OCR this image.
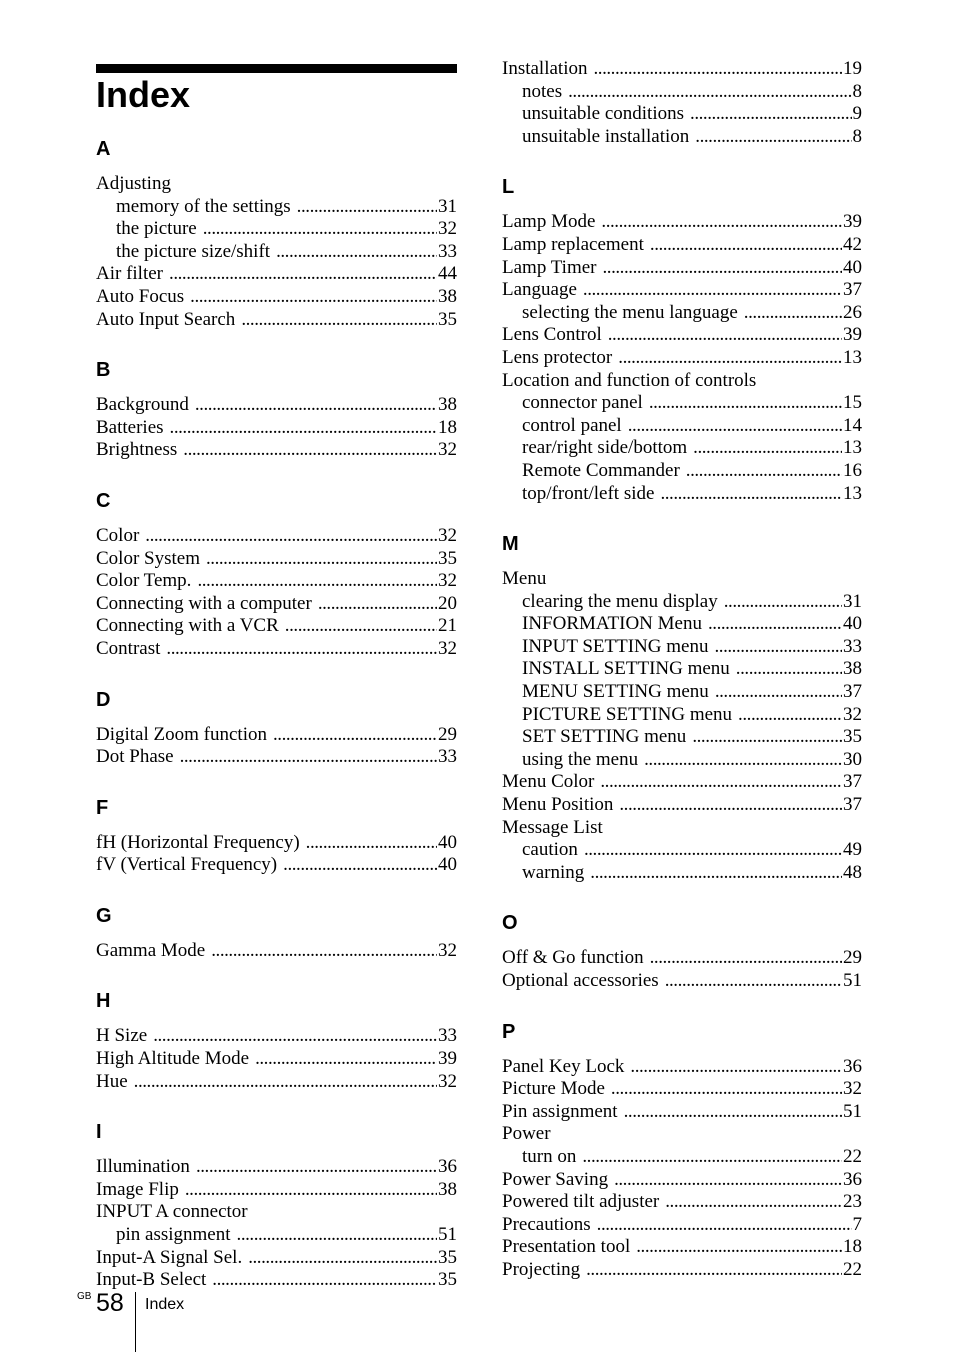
Index
A
Adjusting
memory of the settings . . .	31
the picture . . .	32
the picture size/shift . . .	33
Air filter . . .	44
Auto Focus . . .	38
Auto Input Search . . .	35
B
Background . . .	38
Batteries . . .	18
Brightness . . .	32
C
Color . . .	32
Color System . . .	35
Color Temp. . . .	32
Connecting with a computer . . .	20
Connecting with a VCR . . .	21
Contrast . . .	32
D
Digital Zoom function . . .	29
Dot Phase . . .	33
F
fH (Horizontal Frequency) . . .	40
fV (Vertical Frequency) . . .	40
G
Gamma Mode . . .	32
H
H Size . . .	33
High Altitude Mode . . .	39
Hue . . .	32
I
Illumination . . .	36
Image Flip . . .	38
INPUT A connector
pin assignment . . .	51
Input-A Signal Sel. . . .	35
Input-B Select . . .	35
Installation . . .	19
notes . . .	8
unsuitable conditions . . .	9
unsuitable installation . . .	8
L
Lamp Mode . . .	39
Lamp replacement . . .	42
Lamp Timer . . .	40
Language . . .	37
selecting the menu language . . .	26
Lens Control . . .	39
Lens protector . . .	13
Location and function of controls
connector panel . . .	15
control panel . . .	14
rear/right side/bottom . . .	13
Remote Commander . . .	16
top/front/left side . . .	13
M
Menu
clearing the menu display . . .	31
INFORMATION Menu . . .	40
INPUT SETTING menu . . .	33
INSTALL SETTING menu . . .	38
MENU SETTING menu . . .	37
PICTURE SETTING menu . . .	32
SET SETTING menu . . .	35
using the menu . . .	30
Menu Color . . .	37
Menu Position . . .	37
Message List
caution . . .	49
warning . . .	48
O
Off & Go function . . .	29
Optional accessories . . .	51
P
Panel Key Lock . . .	36
Picture Mode . . .	32
Pin assignment . . .	51
Power
turn on . . .	22
Power Saving . . .	36
Powered tilt adjuster . . .	23
Precautions . . .	7
Presentation tool . . .	18
Projecting . . .	22
GB 58 Index
